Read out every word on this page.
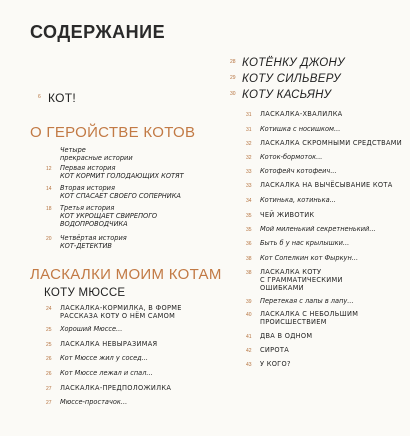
СОДЕРЖАНИЕ
6 КОТ!
О ГЕРОЙСТВЕ КОТОВ
Четыре
прекрасные истории
12	Первая история
КОТ КОРМИТ ГОЛОДАЮЩИХ КОТЯТ
14	Вторая история
КОТ СПАСАЕТ СВОЕГО СОПЕРНИКА
18	Третья история
КОТ УКРОЩАЕТ СВИРЕПОГО
ВОДОПРОВОДЧИКА
20	Четвёртая история
КОТ-ДЕТЕКТИВ
ЛАСКАЛКИ МОИМ КОТАМ
КОТУ МЮССЕ
24	ЛАСКАЛКА-КОРМИЛКА, В ФОРМЕ
РАССКАЗА КОТУ О НЁМ САМОМ
25	Хороший Мюссе...
25	ЛАСКАЛКА НЕВЫРАЗИМАЯ
26	Кот Мюссе жил у сосед...
26	Кот Мюссе лежал и спал...
27	ЛАСКАЛКА-ПРЕДПОЛОЖИЛКА
27	Мюссе-простачок...
28 КОТЁНКУ ДЖОНУ
29 КОТУ СИЛЬВЕРУ
30 КОТУ КАСЬЯНУ
31	ЛАСКАЛКА-ХВАЛИЛКА
31	Котишка с носишком...
32	ЛАСКАЛКА СКРОМНЫМИ СРЕДСТВАМИ
32	Коток-бормоток...
33	Котофейч котофеич...
33	ЛАСКАЛКА НА ВЫЧЁСЫВАНИЕ КОТА
34	Котинька, котинька...
35	ЧЕЙ ЖИВОТИК
35	Мой миленький секретненький...
36	Быть б у нас крылышки...
38	Кот Сопелкин кот Фыркун...
38	ЛАСКАЛКА КОТУ
С ГРАММАТИЧЕСКИМИ
ОШИБКАМИ
39	Перетекая с лапы в лапу...
40	ЛАСКАЛКА С НЕБОЛЬШИМ
ПРОИСШЕСТВИЕМ
41	ДВА В ОДНОМ
42	СИРОТА
43	У КОГО?
